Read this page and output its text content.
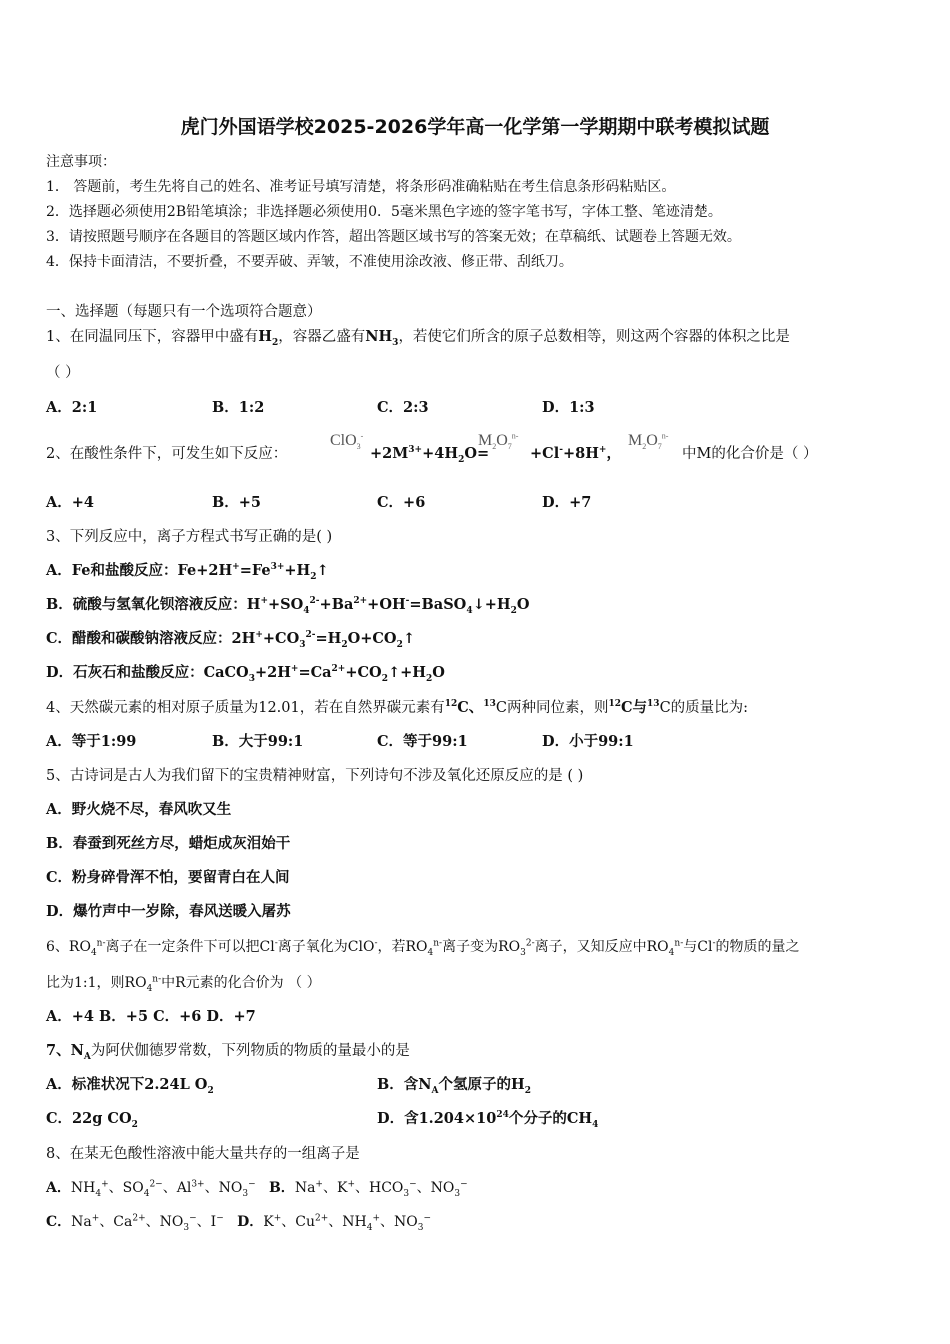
虎门外国语学校2025-2026学年高一化学第一学期期中联考模拟试题
注意事项：
1． 答题前，考生先将自己的姓名、准考证号填写清楚，将条形码准确粘贴在考生信息条形码粘贴区。
2．选择题必须使用2B铅笔填涂；非选择题必须使用0．5毫米黑色字迹的签字笔书写，字体工整、笔迹清楚。
3．请按照题号顺序在各题目的答题区域内作答，超出答题区域书写的答案无效；在草稿纸、试题卷上答题无效。
4．保持卡面清洁，不要折叠，不要弄破、弄皱，不准使用涂改液、修正带、刮纸刀。
一、选择题（每题只有一个选项符合题意）
1、在同温同压下，容器甲中盛有$H_2$，容器乙盛有$NH_3$，若使它们所含的原子总数相等，则这两个容器的体积之比是
（ ）
A．2:1	B．1:2	C．2:3	D．1:3
2、在酸性条件下，可发生如下反应：
ClO$_3$-
$+2M^{3+}+4H_2O=$
$M_2O_7^{n-}$
+Cl-+8H+，
$M_2O_7^{n-}$
中M的化合价是（ ）
A．+4	B．+5	C．+6	D．+7
3、下列反应中，离子方程式书写正确的是( )
A．Fe和盐酸反应：$Fe+2H^+=Fe^{3+}+H_2↑$
B．硫酸与氢氧化钡溶液反应：$H^++SO_4^{2-}+Ba^{2+}+OH^-=BaSO_4↓+H_2O$
C．醋酸和碳酸钠溶液反应：$2H^++CO_3^{2-}=H_2O+CO_2↑$
D．石灰石和盐酸反应：$CaCO_3+2H^+=Ca^{2+}+CO_2↑+H_2O$
4、天然碳元素的相对原子质量为12.01，若在自然界碳元素有$^{12}$C、$^{13}$C两种同位素，则$^{12}$C与$^{13}$C的质量比为:
A．等于1:99	B．大于99:1	C．等于99:1	D．小于99:1
5、古诗词是古人为我们留下的宝贵精神财富，下列诗句不涉及氧化还原反应的是 ( )
A．野火烧不尽，春风吹又生
B．春蚕到死丝方尽，蜡炬成灰泪始干
C．粉身碎骨浑不怕，要留青白在人间
D．爆竹声中一岁除，春风送暖入屠苏
6、$RO_4^{n-}$离子在一定条件下可以把Cl-离子氧化为ClO-，若$RO_4^{n-}$离子变为$RO_3^{2-}$离子，又知反应中$RO_4^{n-}$与Cl-的物质的量之
比为1:1，则$RO_4^{n-}$中R元素的化合价为 （ ）
A．+4 B．+5 C．+6 D．+7
7、$N_A$为阿伏伽德罗常数，下列物质的物质的量最小的是
A．标准状况下2.24L $O_2$	B．含$N_A$个氢原子的$H_2$
C．22g $CO_2$	D．含$1.204\times 10^{24}$个分子的$CH_4$
8、在某无色酸性溶液中能大量共存的一组离子是
A．$NH_4^+$、$SO_4^{2-}$、$Al^{3+}$、$NO_3^-$ B．Na+、K+、$HCO_3^-$、$NO_3^-$
C．Na+、$Ca^{2+}$、$NO_3^-$、I− D．K+、$Cu^{2+}$、$NH_4^+$、$NO_3^-$
